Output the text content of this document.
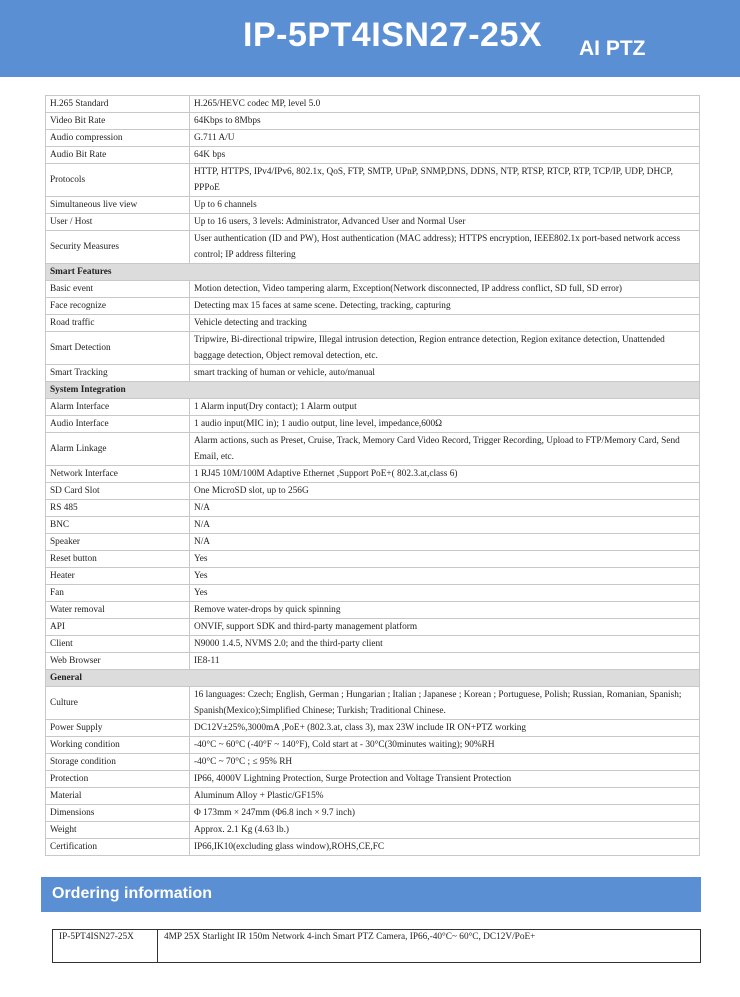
IP-5PT4ISN27-25X AI PTZ
H.265 Standard	H.265/HEVC codec MP, level 5.0
Video Bit Rate	64Kbps to 8Mbps
Audio compression	G.711 A/U
Audio Bit Rate	64K bps
Protocols	HTTP, HTTPS, IPv4/IPv6, 802.1x, QoS, FTP, SMTP, UPnP, SNMP,DNS, DDNS, NTP, RTSP, RTCP, RTP, TCP/IP, UDP, DHCP, PPPoE
Simultaneous live view	Up to 6 channels
User / Host	Up to 16 users, 3 levels: Administrator, Advanced User and Normal User
Security Measures	User authentication (ID and PW), Host authentication (MAC address); HTTPS encryption, IEEE802.1x port-based network access control; IP address filtering
Smart Features	
Basic event	Motion detection, Video tampering alarm, Exception(Network disconnected, IP address conflict, SD full, SD error)
Face recognize	Detecting max 15 faces at same scene. Detecting, tracking, capturing
Road traffic	Vehicle detecting and tracking
Smart Detection	Tripwire, Bi-directional tripwire, Illegal intrusion detection, Region entrance detection, Region exitance detection, Unattended baggage detection, Object removal detection, etc.
Smart Tracking	smart tracking of human or vehicle, auto/manual
System Integration	
Alarm Interface	1 Alarm input(Dry contact); 1 Alarm output
Audio Interface	1 audio input(MIC in); 1 audio output, line level, impedance,600Ω
Alarm Linkage	Alarm actions, such as Preset, Cruise, Track, Memory Card Video Record, Trigger Recording, Upload to FTP/Memory Card, Send Email, etc.
Network Interface	1 RJ45 10M/100M Adaptive Ethernet ,Support PoE+( 802.3.at,class 6)
SD Card Slot	One MicroSD slot, up to 256G
RS 485	N/A
BNC	N/A
Speaker	N/A
Reset button	Yes
Heater	Yes
Fan	Yes
Water removal	Remove water-drops by quick spinning
API	ONVIF, support SDK and third-party management platform
Client	N9000 1.4.5, NVMS 2.0; and the third-party client
Web Browser	IE8-11
General	
Culture	16 languages: Czech; English, German ; Hungarian ; Italian ; Japanese ; Korean ; Portuguese, Polish; Russian, Romanian, Spanish; Spanish(Mexico);Simplified Chinese; Turkish; Traditional Chinese.
Power Supply	DC12V±25%,3000mA ,PoE+ (802.3.at, class 3), max 23W include IR ON+PTZ working
Working condition	-40°C ~ 60°C (-40°F ~ 140°F), Cold start at - 30°C(30minutes waiting); 90%RH
Storage condition	-40°C ~ 70°C ; ≤ 95% RH
Protection	IP66, 4000V Lightning Protection, Surge Protection and Voltage Transient Protection
Material	Aluminum Alloy + Plastic/GF15%
Dimensions	Φ 173mm × 247mm (Φ6.8 inch × 9.7 inch)
Weight	Approx. 2.1 Kg (4.63 lb.)
Certification	IP66,IK10(excluding glass window),ROHS,CE,FC
Ordering information
IP-5PT4ISN27-25X	4MP 25X Starlight IR 150m Network 4-inch Smart PTZ Camera, IP66,-40°C~ 60°C, DC12V/PoE+
